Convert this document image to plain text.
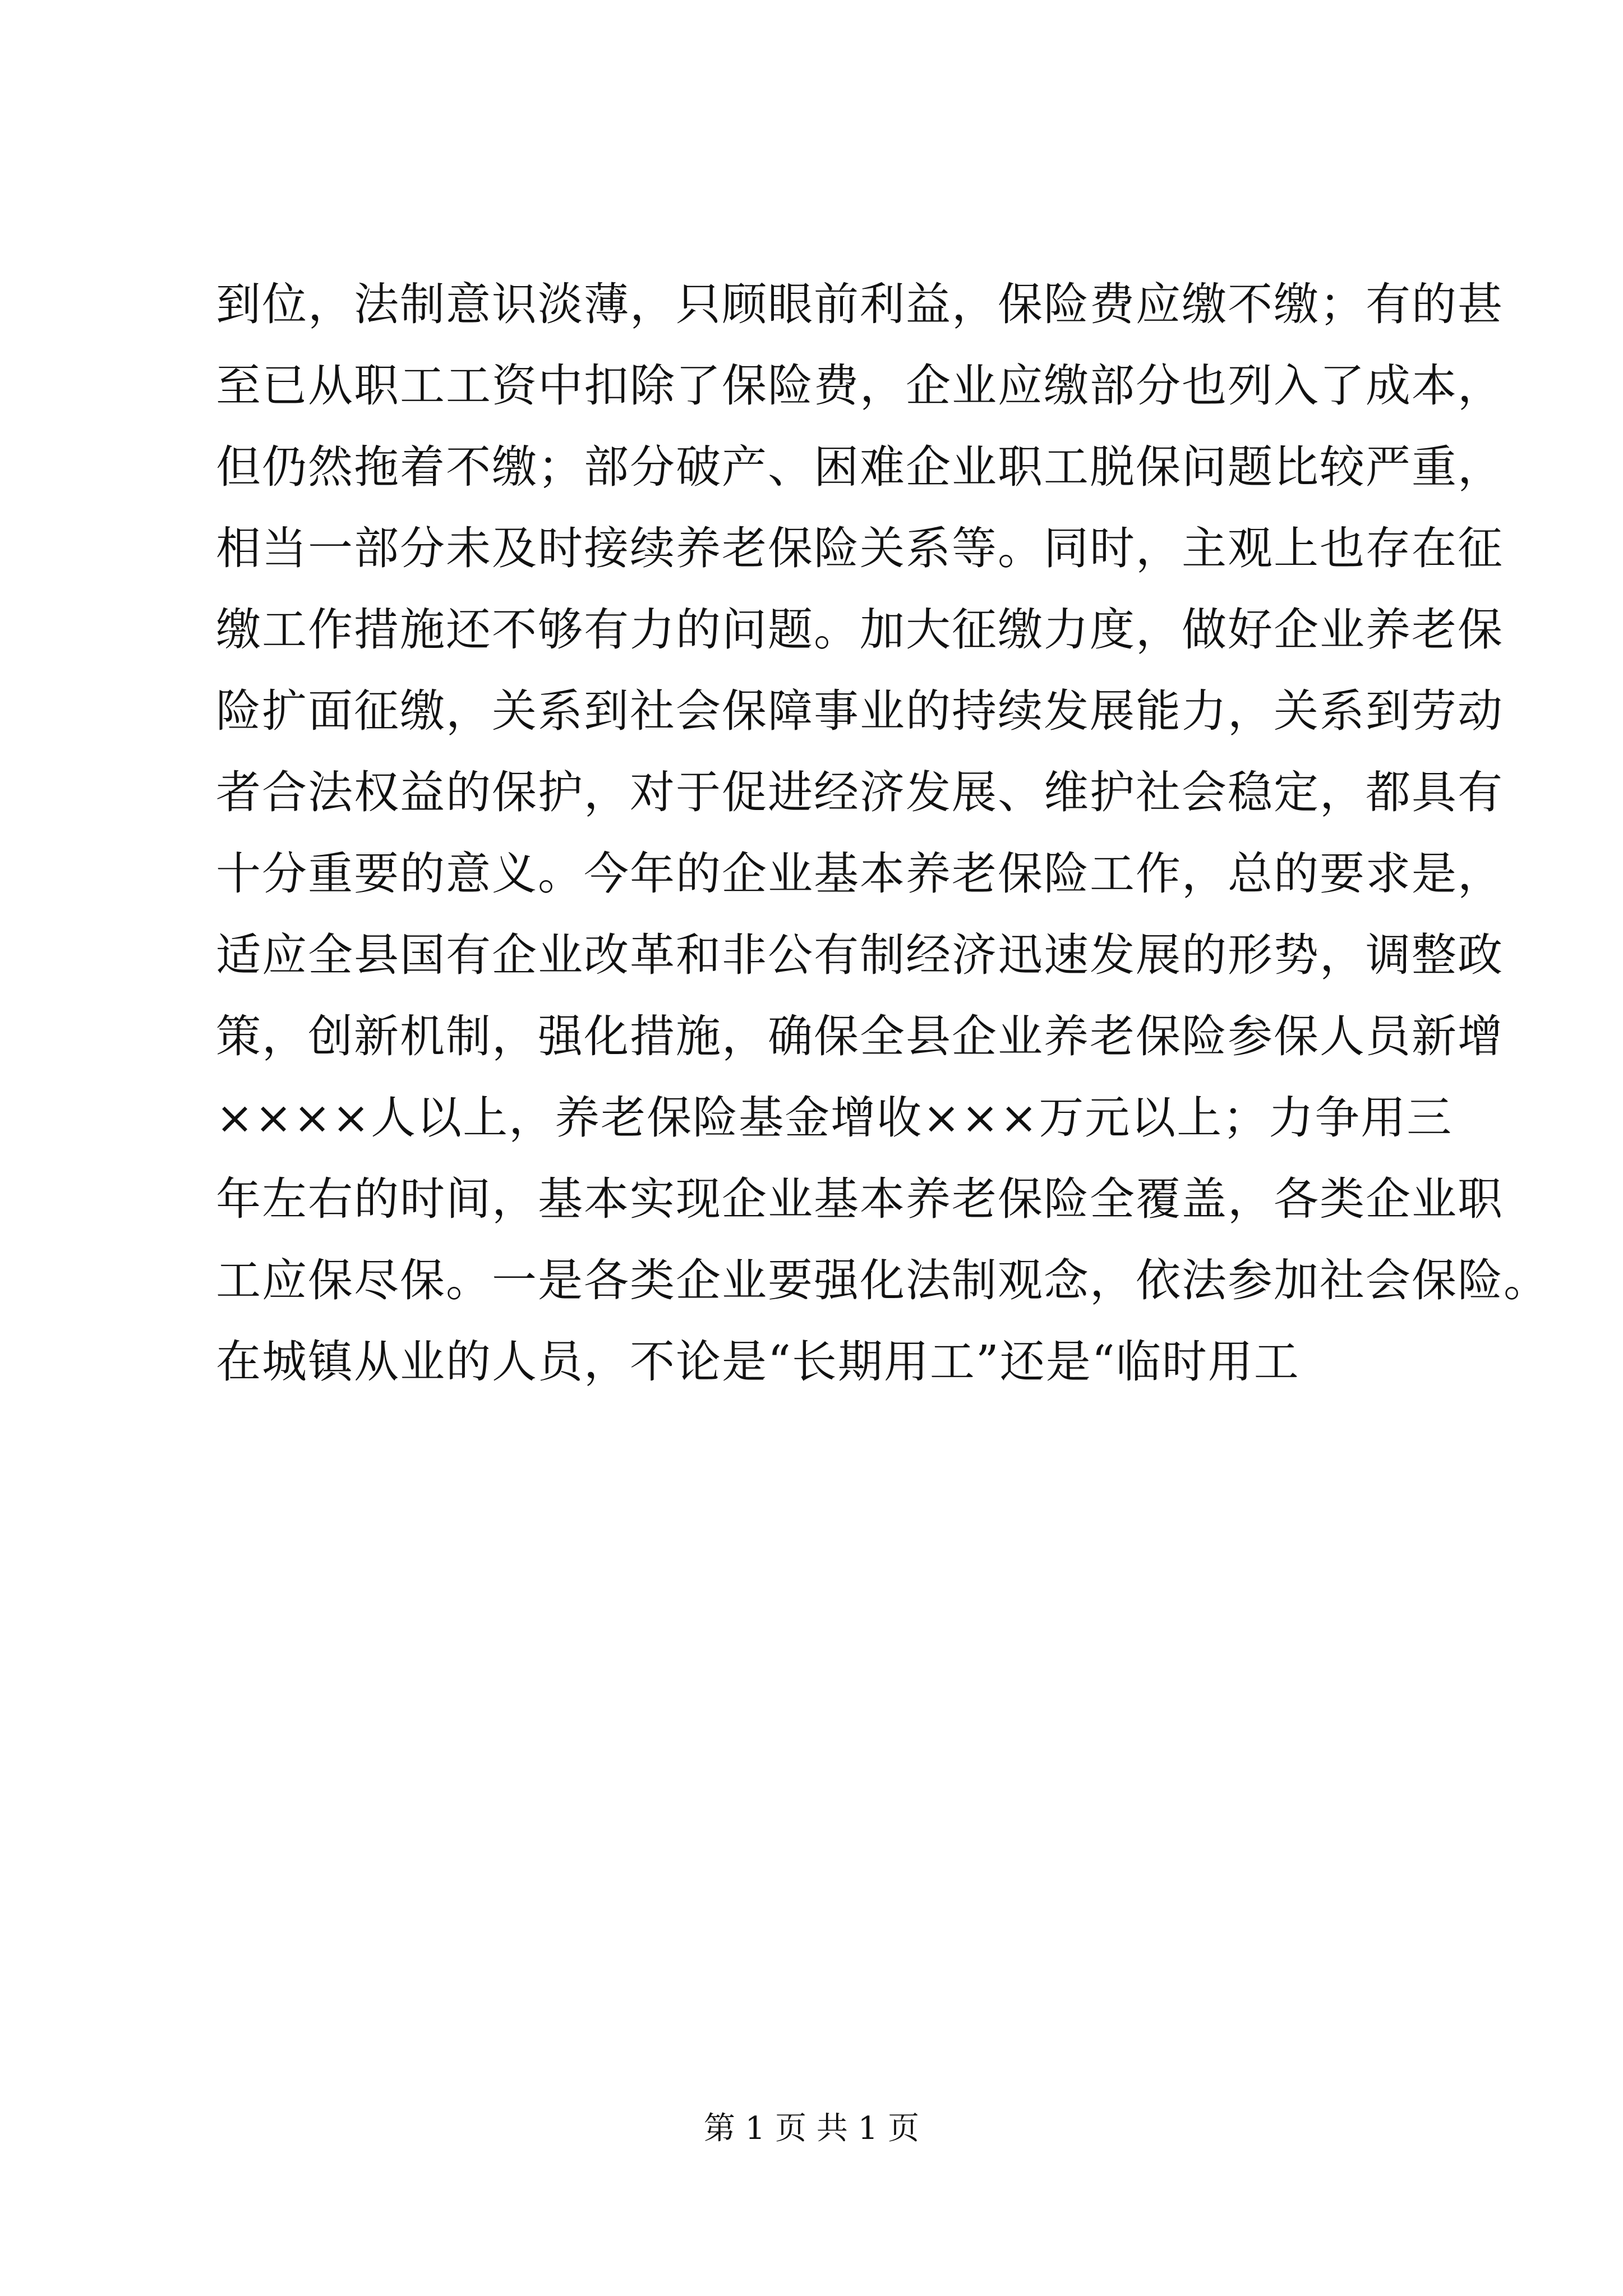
到位，法制意识淡薄，只顾眼前利益，保险费应缴不缴；有的甚
至已从职工工资中扣除了保险费，企业应缴部分也列入了成本，
但仍然拖着不缴；部分破产、困难企业职工脱保问题比较严重，
相当一部分未及时接续养老保险关系等。同时，主观上也存在征
缴工作措施还不够有力的问题。加大征缴力度，做好企业养老保
险扩面征缴，关系到社会保障事业的持续发展能力，关系到劳动
者合法权益的保护，对于促进经济发展、维护社会稳定，都具有
十分重要的意义。今年的企业基本养老保险工作，总的要求是，
适应全县国有企业改革和非公有制经济迅速发展的形势，调整政
策，创新机制，强化措施，确保全县企业养老保险参保人员新增
××××人以上，养老保险基金增收×××万元以上；力争用三
年左右的时间，基本实现企业基本养老保险全覆盖，各类企业职
工应保尽保。一是各类企业要强化法制观念，依法参加社会保险。
在城镇从业的人员，不论是“长期用工”还是“临时用工
第 1 页 共 1 页
